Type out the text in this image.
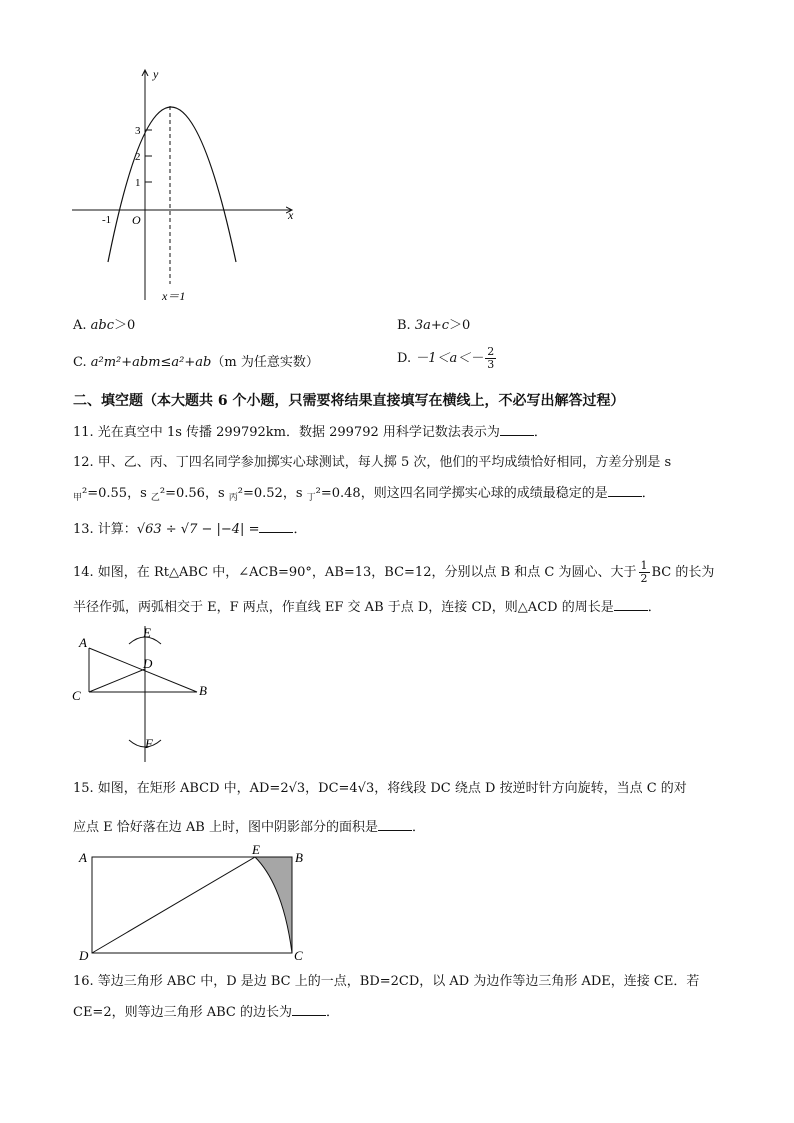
y
x
O
3
2
1
-1
x＝1
A. abc＞0	B. 3a+c＞0
C. a²m²+abm≤a²+ab（m 为任意实数）	D. $-1<a<- \frac{2}{3}$
二、填空题（本大题共 6 个小题，只需要将结果直接填写在横线上，不必写出解答过程）
11. 光在真空中 1s 传播 299792km．数据 299792 用科学记数法表示为	．
12. 甲、乙、丙、丁四名同学参加掷实心球测试，每人掷 5 次，他们的平均成绩恰好相同，方差分别是 s
$_甲$²=0.55，s $_乙$²=0.56，s $_丙$²=0.52，s $_丁$²=0.48，则这四名同学掷实心球的成绩最稳定的是	．
13. 计算：√63 ÷ √7 − |−4| =	．
14. 如图，在 Rt△ABC 中，∠ACB=90°，AB=13，BC=12，分别以点 B 和点 C 为圆心、大于 $\frac{1}{2}$ BC 的长为
半径作弧，两弧相交于 E，F 两点，作直线 EF 交 AB 于点 D，连接 CD，则△ACD 的周长是	．
A
C	B
D
E
F
15. 如图，在矩形 ABCD 中，AD=2√3，DC=4√3，将线段 DC 绕点 D 按逆时针方向旋转，当点 C 的对
应点 E 恰好落在边 AB 上时，图中阴影部分的面积是	．
A	B
E
D	C
16. 等边三角形 ABC 中，D 是边 BC 上的一点，BD=2CD，以 AD 为边作等边三角形 ADE，连接 CE．若
CE=2，则等边三角形 ABC 的边长为	．
